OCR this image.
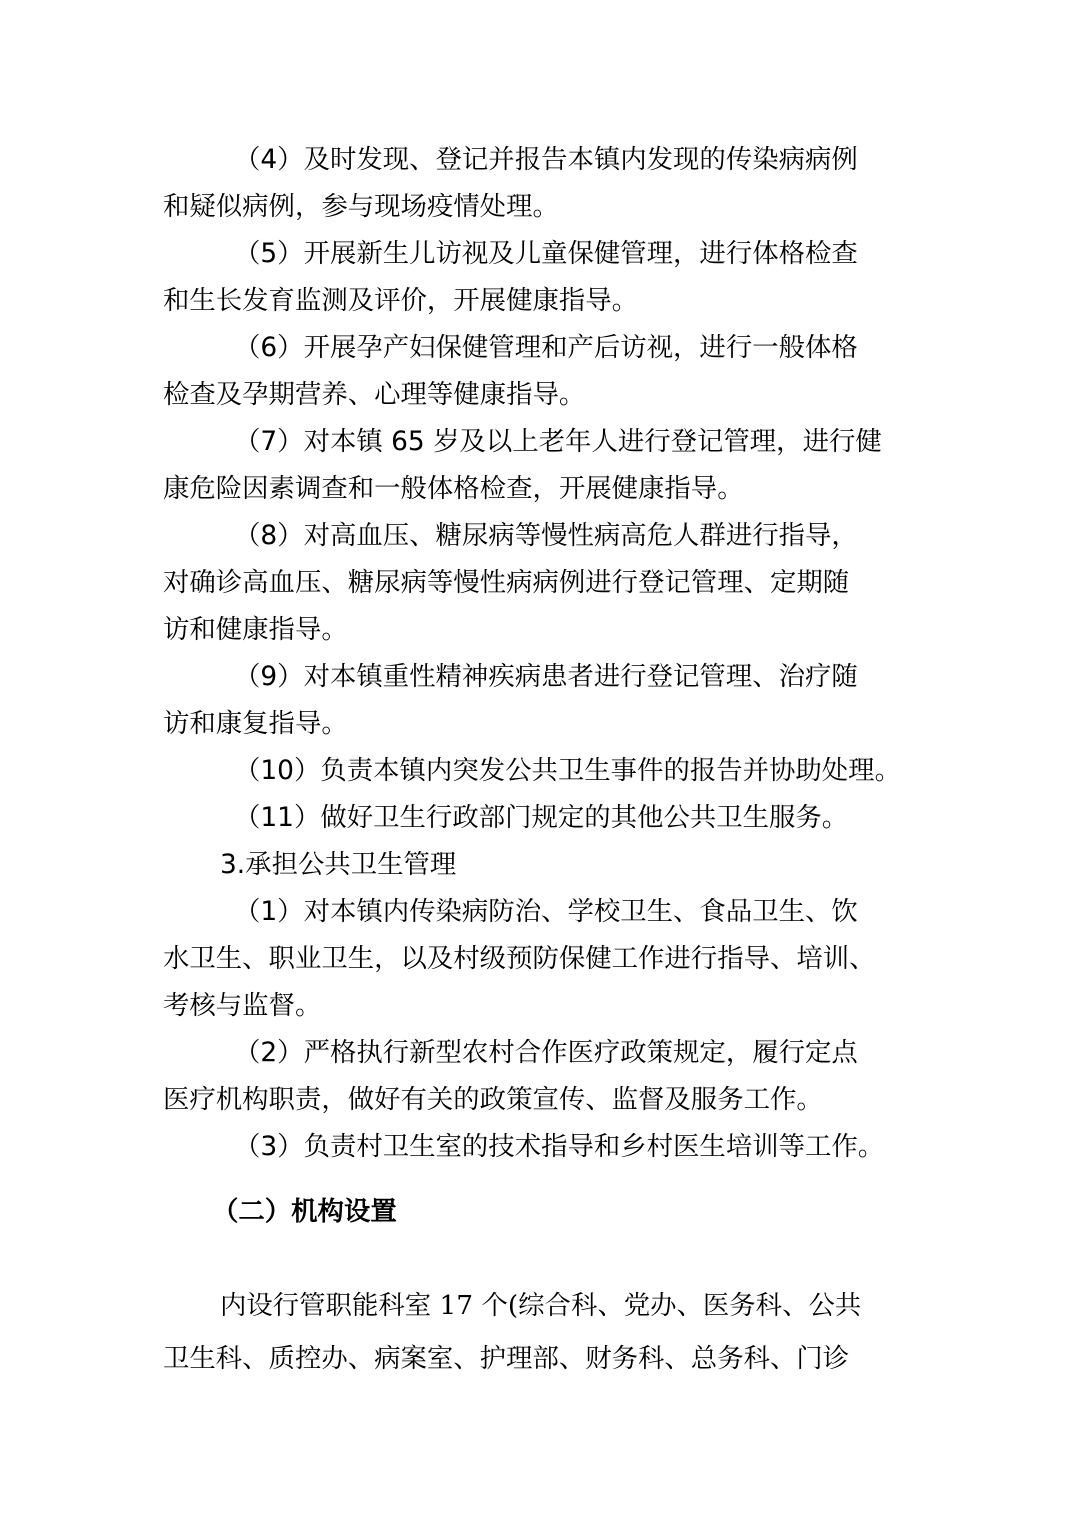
（4）及时发现、登记并报告本镇内发现的传染病病例
和疑似病例，参与现场疫情处理。
（5）开展新生儿访视及儿童保健管理，进行体格检查
和生长发育监测及评价，开展健康指导。
（6）开展孕产妇保健管理和产后访视，进行一般体格
检查及孕期营养、心理等健康指导。
（7）对本镇 65 岁及以上老年人进行登记管理，进行健
康危险因素调查和一般体格检查，开展健康指导。
（8）对高血压、糖尿病等慢性病高危人群进行指导，
对确诊高血压、糖尿病等慢性病病例进行登记管理、定期随
访和健康指导。
（9）对本镇重性精神疾病患者进行登记管理、治疗随
访和康复指导。
（10）负责本镇内突发公共卫生事件的报告并协助处理。
（11）做好卫生行政部门规定的其他公共卫生服务。
3.承担公共卫生管理
（1）对本镇内传染病防治、学校卫生、食品卫生、饮
水卫生、职业卫生，以及村级预防保健工作进行指导、培训、
考核与监督。
（2）严格执行新型农村合作医疗政策规定，履行定点
医疗机构职责，做好有关的政策宣传、监督及服务工作。
（3）负责村卫生室的技术指导和乡村医生培训等工作。
（二）机构设置
内设行管职能科室 17 个(综合科、党办、医务科、公共
卫生科、质控办、病案室、护理部、财务科、总务科、门诊
